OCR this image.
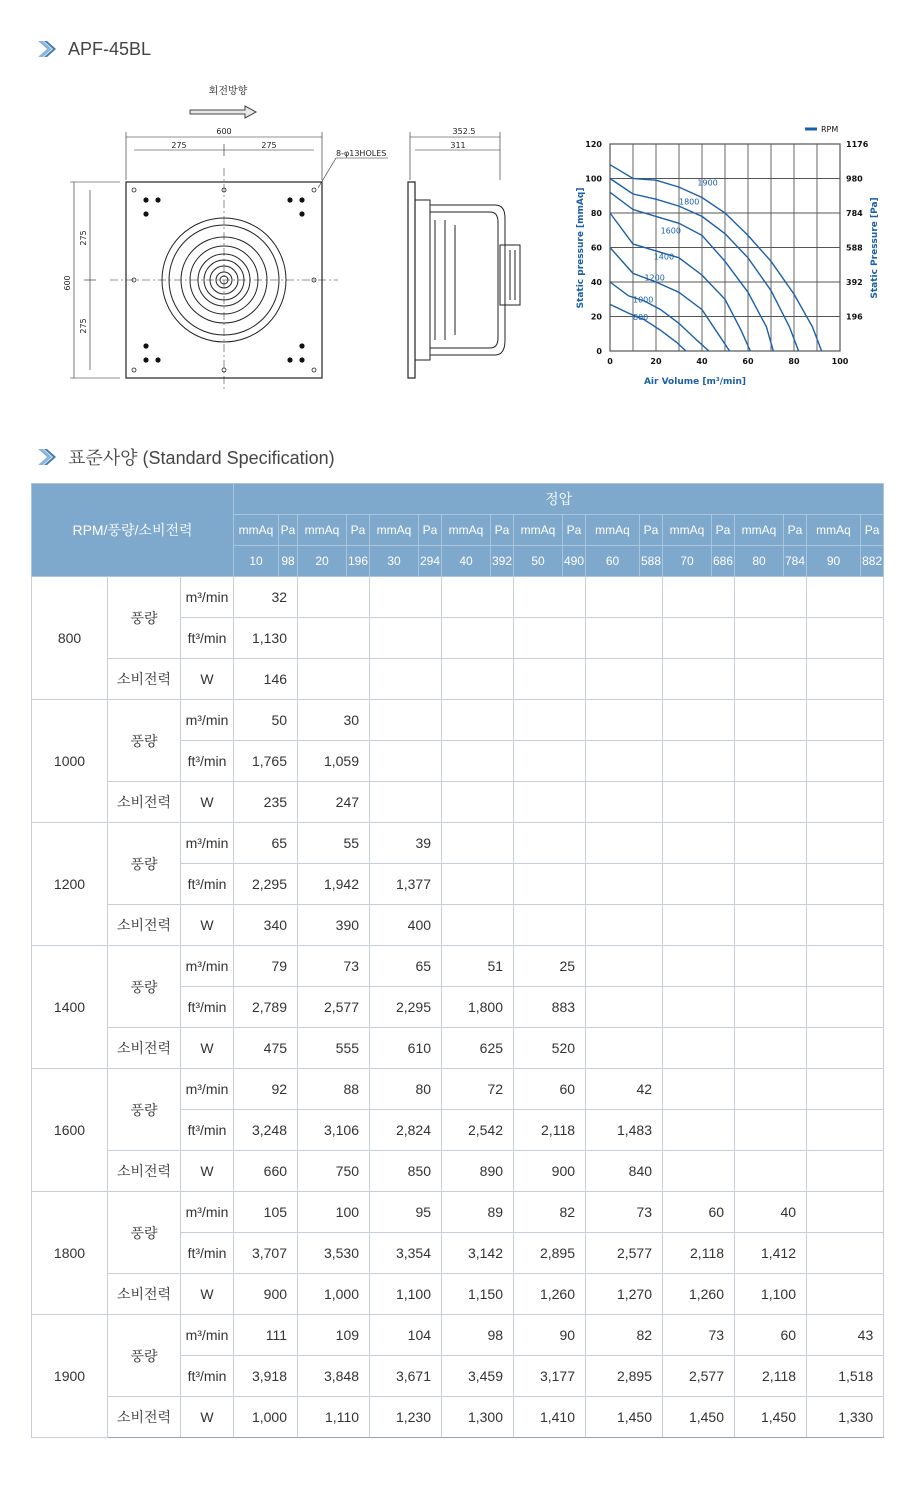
APF-45BL
회전방향
600
275	275
8-φ13HOLES
600
275
275
352.5
311
800
1000
1200
1400
1600
1800
1900
0	20	40	60	80	100
0
20
40
60
80
100
120
196
392
588
784
980
1176
Air Volume [m³/min]
Static pressure [mmAq]	Static Pressure [Pa]
RPM
표준사양 (Standard Specification)
RPM/풍량/소비전력			정압																	
			mmAq	Pa	mmAq	Pa	mmAq	Pa	mmAq	Pa	mmAq	Pa	mmAq	Pa	mmAq	Pa	mmAq	Pa	mmAq	Pa
			10	98	20	196	30	294	40	392	50	490	60	588	70	686	80	784	90	882
800	풍량	m³/min	32																	
		ft³/min	1,130																	
	소비전력	W	146																	
1000	풍량	m³/min	50		30															
		ft³/min	1,765		1,059															
	소비전력	W	235		247															
1200	풍량	m³/min	65		55		39													
		ft³/min	2,295		1,942		1,377													
	소비전력	W	340		390		400													
1400	풍량	m³/min	79		73		65		51		25									
		ft³/min	2,789		2,577		2,295		1,800		883									
	소비전력	W	475		555		610		625		520									
1600	풍량	m³/min	92		88		80		72		60		42							
		ft³/min	3,248		3,106		2,824		2,542		2,118		1,483							
	소비전력	W	660		750		850		890		900		840							
1800	풍량	m³/min	105		100		95		89		82		73		60		40			
		ft³/min	3,707		3,530		3,354		3,142		2,895		2,577		2,118		1,412			
	소비전력	W	900		1,000		1,100		1,150		1,260		1,270		1,260		1,100			
1900	풍량	m³/min	111		109		104		98		90		82		73		60		43	
		ft³/min	3,918		3,848		3,671		3,459		3,177		2,895		2,577		2,118		1,518	
	소비전력	W	1,000		1,110		1,230		1,300		1,410		1,450		1,450		1,450		1,330	
